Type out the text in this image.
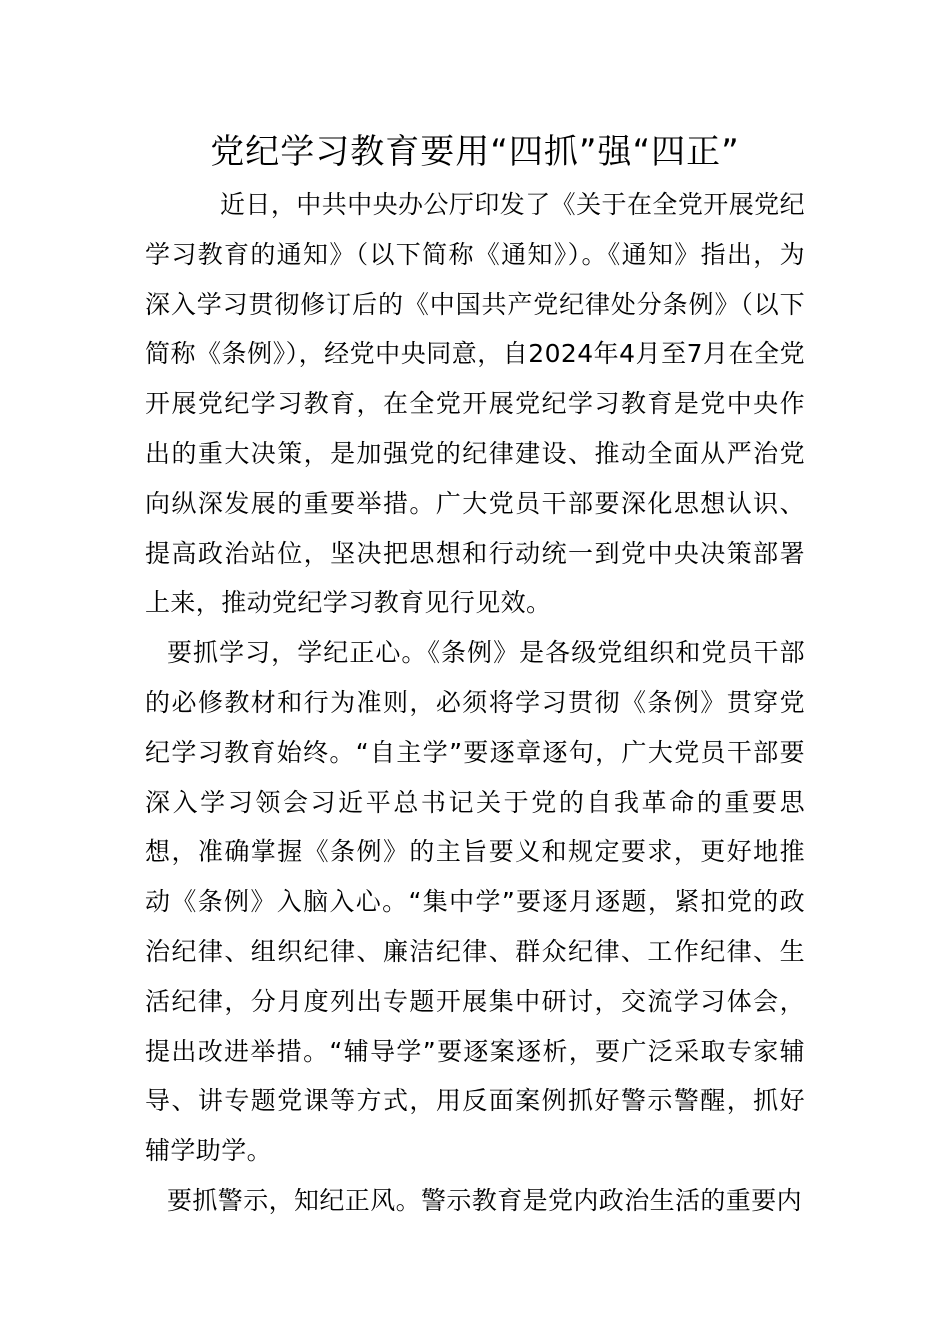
党纪学习教育要用“四抓”强“四正”

近日，中共中央办公厅印发了《关于在全党开展党纪学习教育的通知》（以下简称《通知》）。《通知》指出，为深入学习贯彻修订后的《中国共产党纪律处分条例》（以下简称《条例》），经党中央同意，自2024年4月至7月在全党开展党纪学习教育，在全党开展党纪学习教育是党中央作出的重大决策，是加强党的纪律建设、推动全面从严治党向纵深发展的重要举措。广大党员干部要深化思想认识、提高政治站位，坚决把思想和行动统一到党中央决策部署上来，推动党纪学习教育见行见效。

要抓学习，学纪正心。《条例》是各级党组织和党员干部的必修教材和行为准则，必须将学习贯彻《条例》贯穿党纪学习教育始终。“自主学”要逐章逐句，广大党员干部要深入学习领会习近平总书记关于党的自我革命的重要思想，准确掌握《条例》的主旨要义和规定要求，更好地推动《条例》入脑入心。“集中学”要逐月逐题，紧扣党的政治纪律、组织纪律、廉洁纪律、群众纪律、工作纪律、生活纪律，分月度列出专题开展集中研讨，交流学习体会，提出改进举措。“辅导学”要逐案逐析，要广泛采取专家辅导、讲专题党课等方式，用反面案例抓好警示警醒，抓好辅学助学。

要抓警示，知纪正风。警示教育是党内政治生活的重要内
